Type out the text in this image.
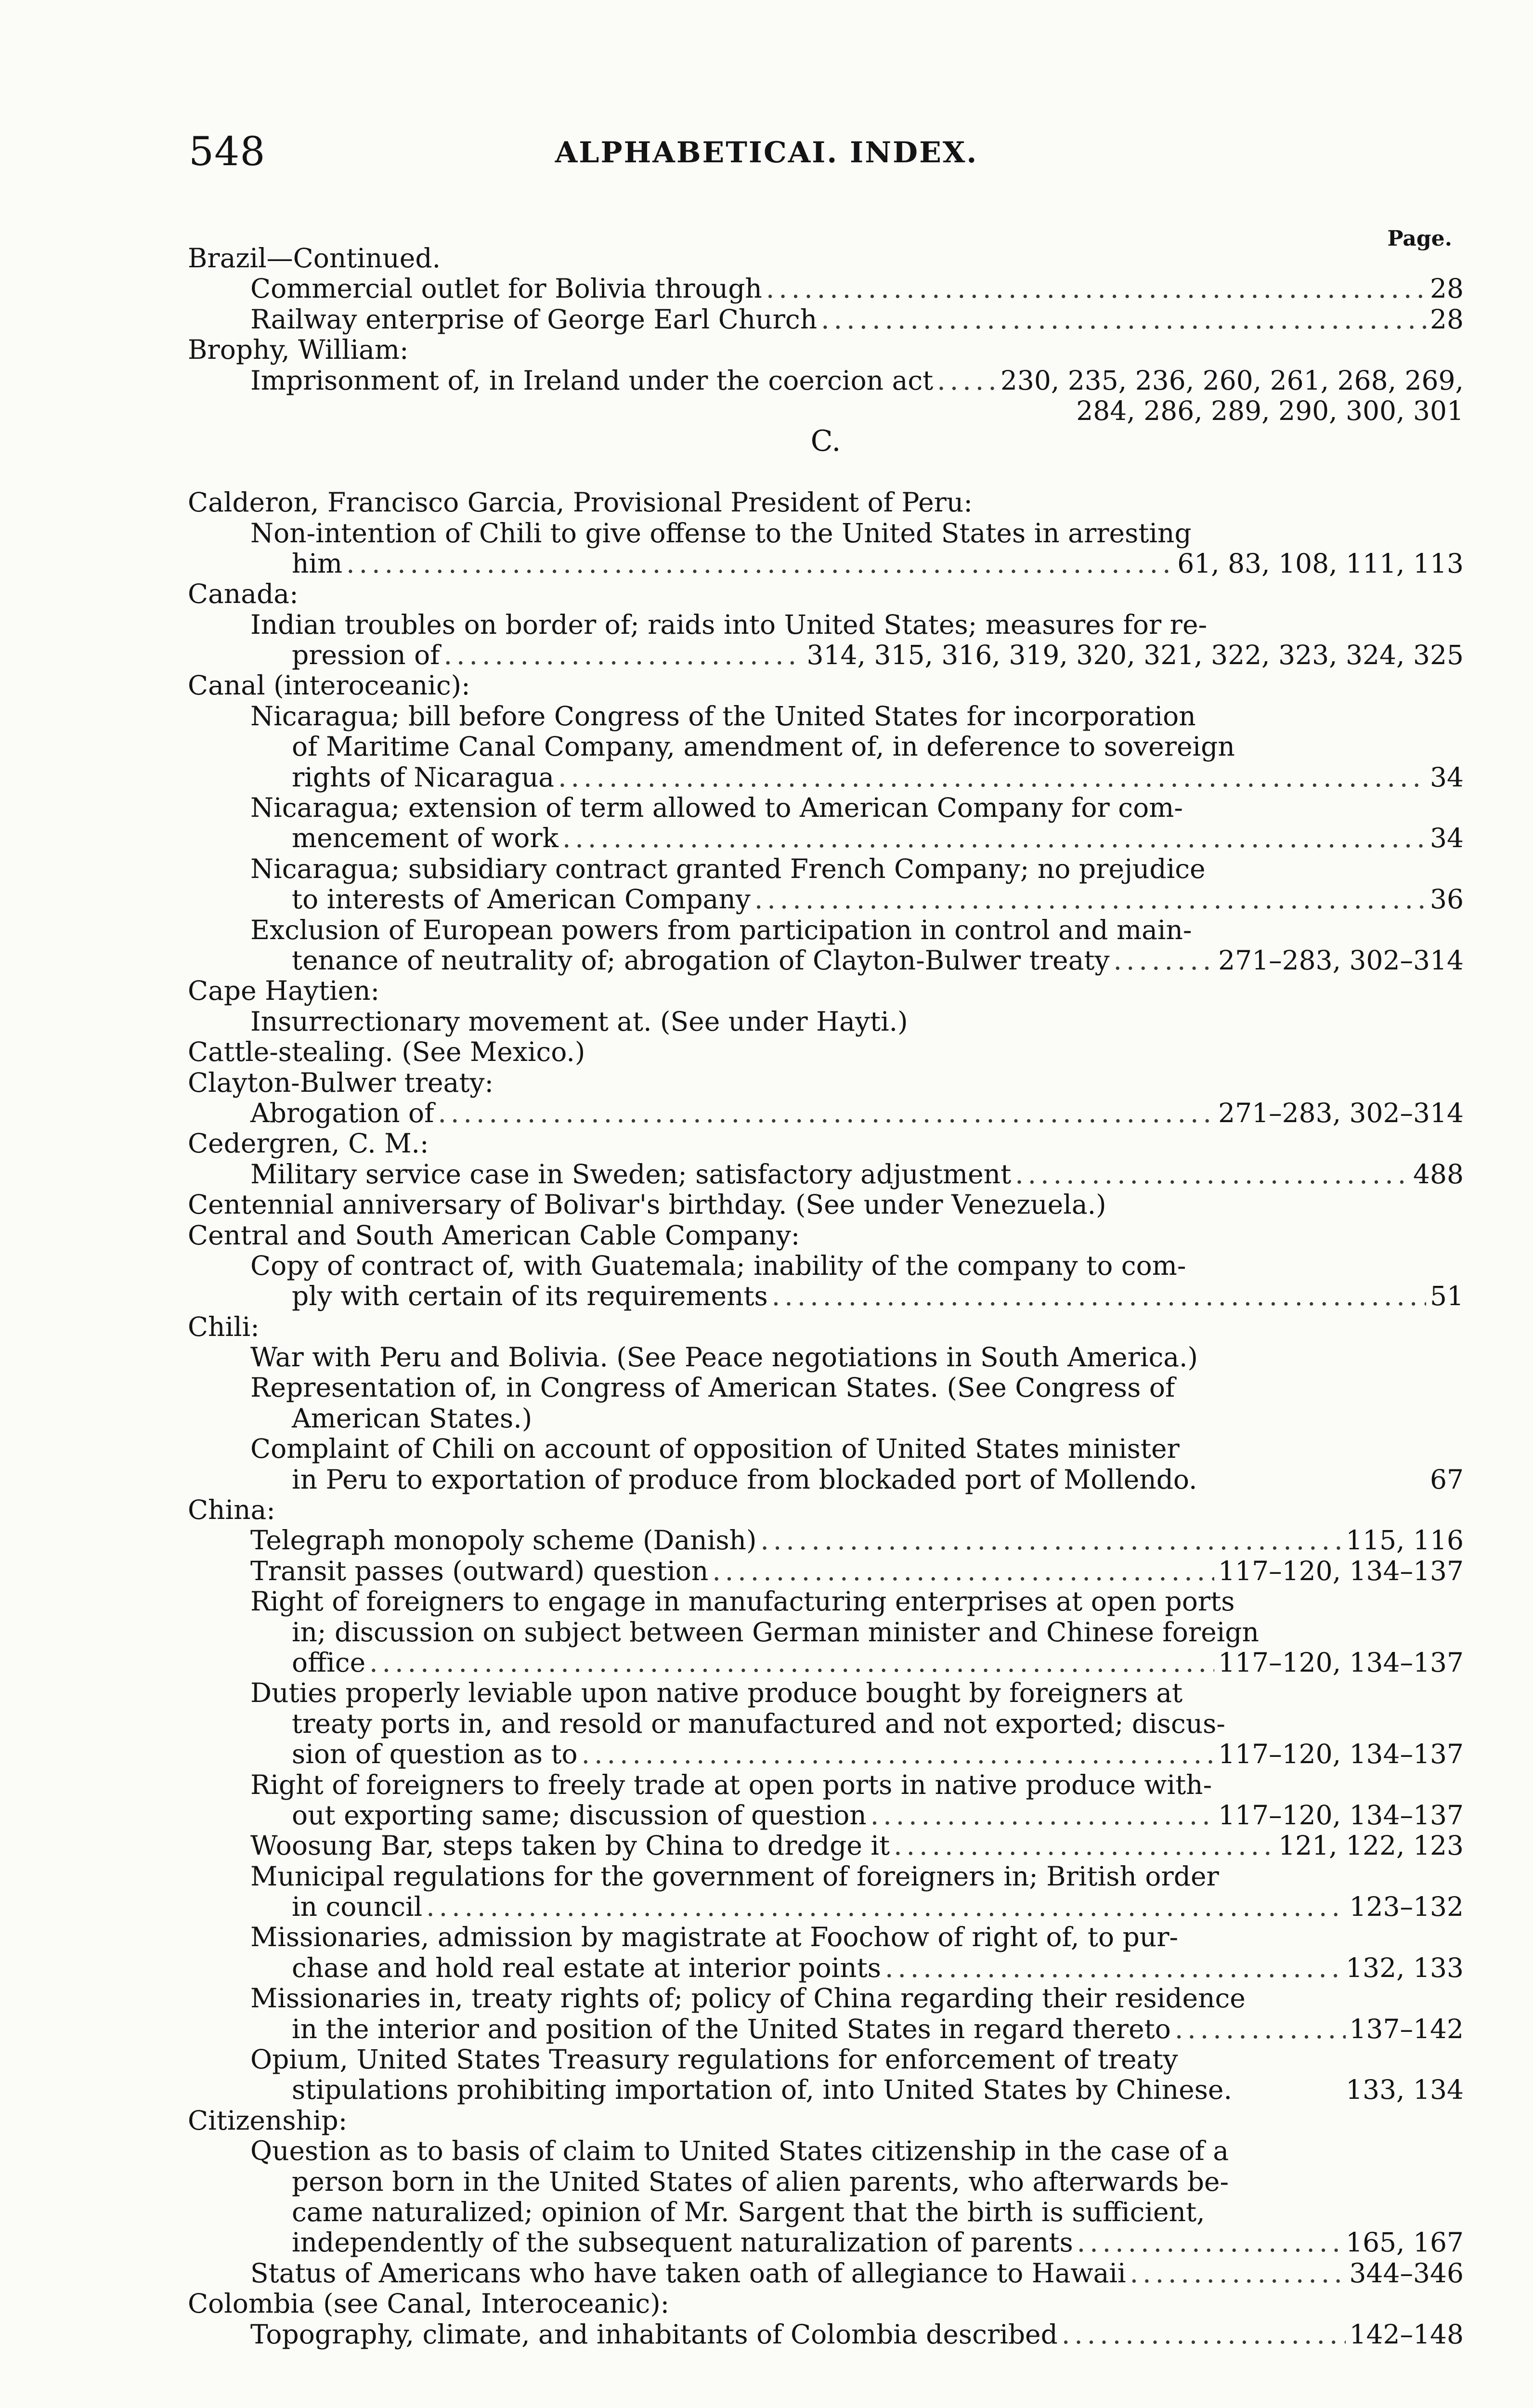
548	ALPHABETICAI. INDEX.
Page.
Brazil—Continued.
Commercial outlet for Bolivia through .....	28
Railway enterprise of George Earl Church .....	28
Brophy, William:
Imprisonment of, in Ireland under the coercion act .....	230, 235, 236, 260, 261, 268, 269,
284, 286, 289, 290, 300, 301
C.
Calderon, Francisco Garcia, Provisional President of Peru:
Non-intention of Chili to give offense to the United States in arresting
him .....	61, 83, 108, 111, 113
Canada:
Indian troubles on border of; raids into United States; measures for re-
pression of .....	314, 315, 316, 319, 320, 321, 322, 323, 324, 325
Canal (interoceanic):
Nicaragua; bill before Congress of the United States for incorporation
of Maritime Canal Company, amendment of, in deference to sovereign
rights of Nicaragua .....	34
Nicaragua; extension of term allowed to American Company for com-
mencement of work .....	34
Nicaragua; subsidiary contract granted French Company; no prejudice
to interests of American Company .....	36
Exclusion of European powers from participation in control and main-
tenance of neutrality of; abrogation of Clayton-Bulwer treaty .....	271–283, 302–314
Cape Haytien:
Insurrectionary movement at. (See under Hayti.)
Cattle-stealing. (See Mexico.)
Clayton-Bulwer treaty:
Abrogation of .....	271–283, 302–314
Cedergren, C. M.:
Military service case in Sweden; satisfactory adjustment .....	488
Centennial anniversary of Bolivar's birthday. (See under Venezuela.)
Central and South American Cable Company:
Copy of contract of, with Guatemala; inability of the company to com-
ply with certain of its requirements .....	51
Chili:
War with Peru and Bolivia. (See Peace negotiations in South America.)
Representation of, in Congress of American States. (See Congress of
American States.)
Complaint of Chili on account of opposition of United States minister
in Peru to exportation of produce from blockaded port of Mollendo.	67
China:
Telegraph monopoly scheme (Danish) .....	115, 116
Transit passes (outward) question .....	117–120, 134–137
Right of foreigners to engage in manufacturing enterprises at open ports
in; discussion on subject between German minister and Chinese foreign
office .....	117–120, 134–137
Duties properly leviable upon native produce bought by foreigners at
treaty ports in, and resold or manufactured and not exported; discus-
sion of question as to .....	117–120, 134–137
Right of foreigners to freely trade at open ports in native produce with-
out exporting same; discussion of question .....	117–120, 134–137
Woosung Bar, steps taken by China to dredge it .....	121, 122, 123
Municipal regulations for the government of foreigners in; British order
in council .....	123–132
Missionaries, admission by magistrate at Foochow of right of, to pur-
chase and hold real estate at interior points .....	132, 133
Missionaries in, treaty rights of; policy of China regarding their residence
in the interior and position of the United States in regard thereto .....	137–142
Opium, United States Treasury regulations for enforcement of treaty
stipulations prohibiting importation of, into United States by Chinese.	133, 134
Citizenship:
Question as to basis of claim to United States citizenship in the case of a
person born in the United States of alien parents, who afterwards be-
came naturalized; opinion of Mr. Sargent that the birth is sufficient,
independently of the subsequent naturalization of parents .....	165, 167
Status of Americans who have taken oath of allegiance to Hawaii .....	344–346
Colombia (see Canal, Interoceanic):
Topography, climate, and inhabitants of Colombia described .....	142–148
